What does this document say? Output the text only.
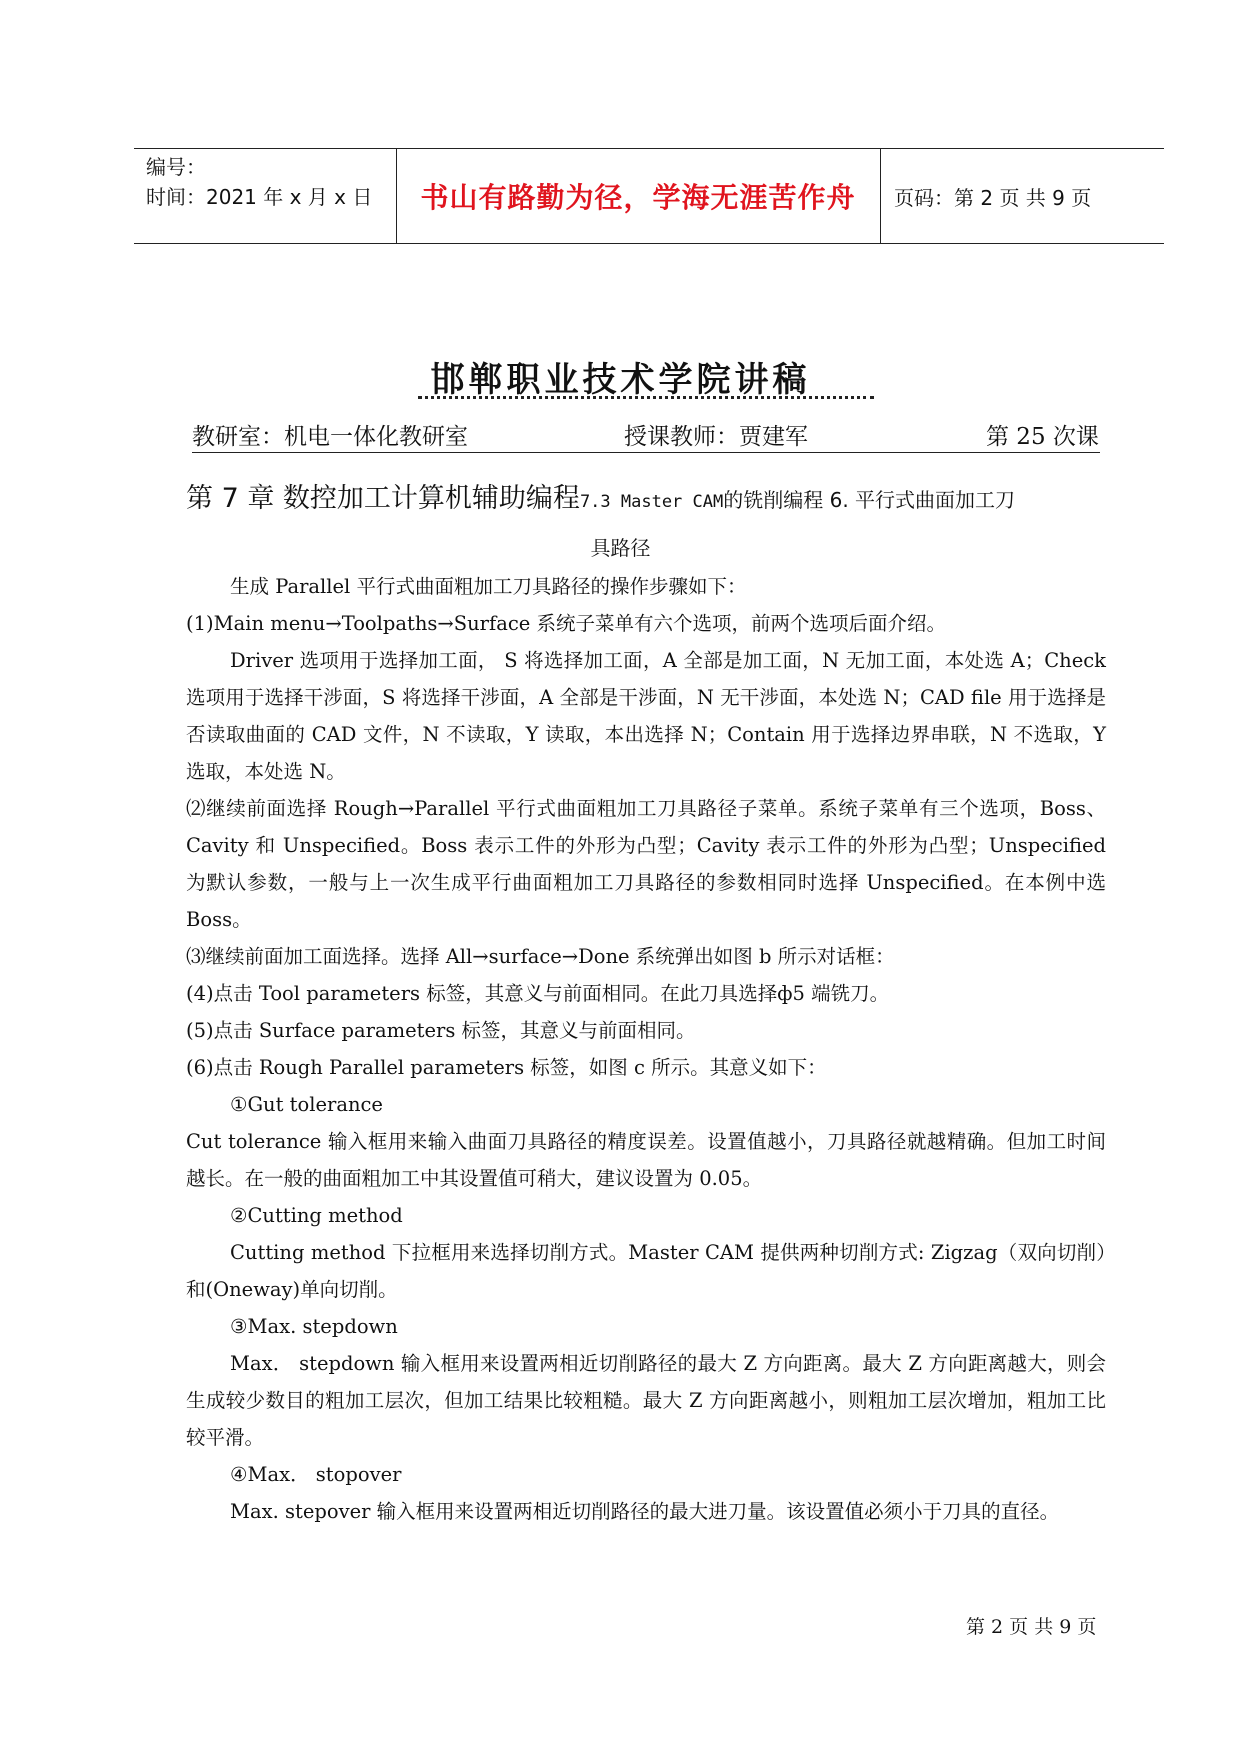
编号：
时间：2021 年 x 月 x 日	书山有路勤为径，学海无涯苦作舟	页码：第 2 页 共 9 页
邯郸职业技术学院讲稿
教研室：机电一体化教研室	授课教师：贾建军	第 25 次课
第 7 章 数控加工计算机辅助编程7.3 Master CAM的铣削编程 6. 平行式曲面加工刀
具路径

生成 Parallel 平行式曲面粗加工刀具路径的操作步骤如下：

(1)Main menu→Toolpaths→Surface 系统子菜单有六个选项，前两个选项后面介绍。

Driver 选项用于选择加工面， S 将选择加工面，A 全部是加工面，N 无加工面，本处选 A；Check 选项用于选择干涉面，S 将选择干涉面，A 全部是干涉面，N 无干涉面，本处选 N；CAD file 用于选择是否读取曲面的 CAD 文件，N 不读取，Y 读取，本出选择 N；Contain 用于选择边界串联，N 不选取，Y 选取，本处选 N。

⑵继续前面选择 Rough→Parallel 平行式曲面粗加工刀具路径子菜单。系统子菜单有三个选项，Boss、 Cavity 和 Unspecified。Boss 表示工件的外形为凸型；Cavity 表示工件的外形为凸型；Unspecified 为默认参数，一般与上一次生成平行曲面粗加工刀具路径的参数相同时选择 Unspecified。在本例中选 Boss。

⑶继续前面加工面选择。选择 All→surface→Done 系统弹出如图 b 所示对话框：

(4)点击 Tool parameters 标签，其意义与前面相同。在此刀具选择ф5 端铣刀。

(5)点击 Surface parameters 标签，其意义与前面相同。

(6)点击 Rough Parallel parameters 标签，如图 c 所示。其意义如下：

①Gut tolerance

Cut tolerance 输入框用来输入曲面刀具路径的精度误差。设置值越小，刀具路径就越精确。但加工时间越长。在一般的曲面粗加工中其设置值可稍大，建议设置为 0.05。

②Cutting method

Cutting method 下拉框用来选择切削方式。Master CAM 提供两种切削方式: Zigzag（双向切削）和(Oneway)单向切削。

③Max. stepdown

Max． stepdown 输入框用来设置两相近切削路径的最大 Z 方向距离。最大 Z 方向距离越大，则会生成较少数目的粗加工层次，但加工结果比较粗糙。最大 Z 方向距离越小，则粗加工层次增加，粗加工比较平滑。

④Max． stopover

Max. stepover 输入框用来设置两相近切削路径的最大进刀量。该设置值必须小于刀具的直径。

第 2 页 共 9 页
